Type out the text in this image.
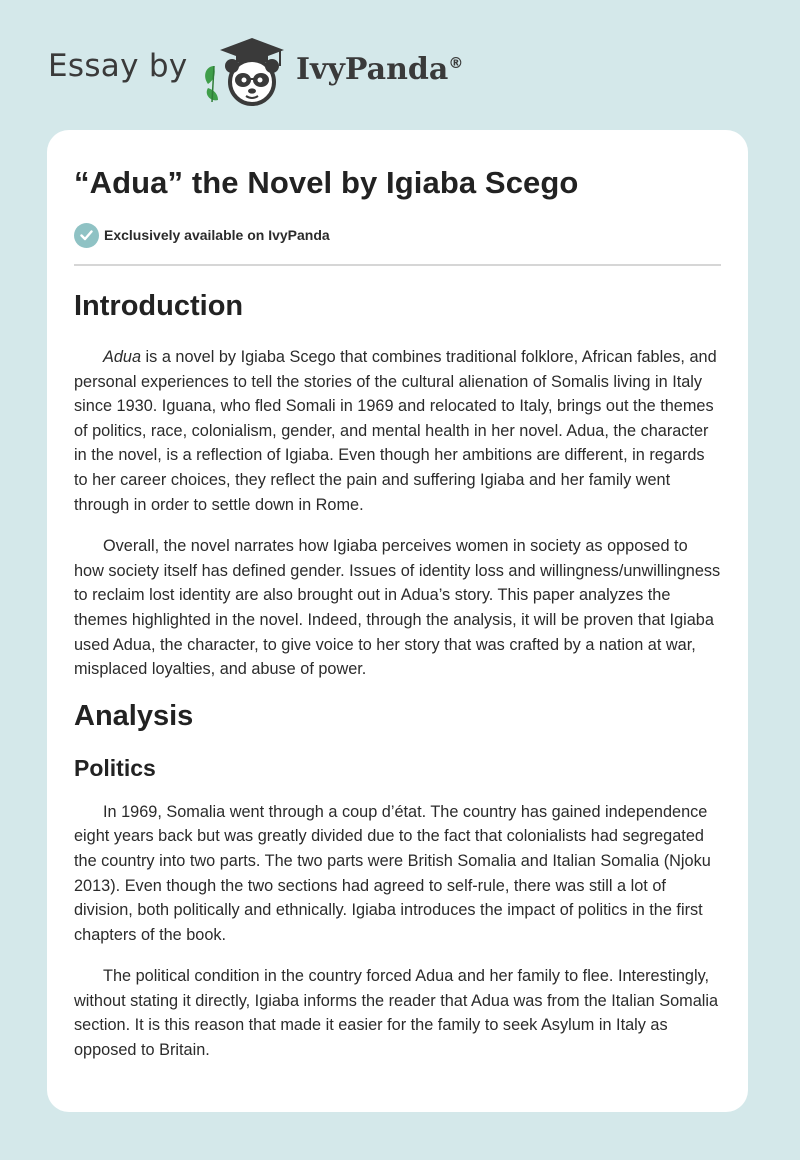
Essay by	IvyPanda®
“Adua” the Novel by Igiaba Scego
Exclusively available on IvyPanda
Introduction

Adua is a novel by Igiaba Scego that combines traditional folklore, African fables, and personal experiences to tell the stories of the cultural alienation of Somalis living in Italy since 1930. Iguana, who fled Somali in 1969 and relocated to Italy, brings out the themes of politics, race, colonialism, gender, and mental health in her novel. Adua, the character in the novel, is a reflection of Igiaba. Even though her ambitions are different, in regards to her career choices, they reflect the pain and suffering Igiaba and her family went through in order to settle down in Rome.

Overall, the novel narrates how Igiaba perceives women in society as opposed to how society itself has defined gender. Issues of identity loss and willingness/unwillingness to reclaim lost identity are also brought out in Adua’s story. This paper analyzes the themes highlighted in the novel. Indeed, through the analysis, it will be proven that Igiaba used Adua, the character, to give voice to her story that was crafted by a nation at war, misplaced loyalties, and abuse of power.

Analysis
Politics

In 1969, Somalia went through a coup d’état. The country has gained independence eight years back but was greatly divided due to the fact that colonialists had segregated the country into two parts. The two parts were British Somalia and Italian Somalia (Njoku 2013). Even though the two sections had agreed to self-rule, there was still a lot of division, both politically and ethnically. Igiaba introduces the impact of politics in the first chapters of the book.

The political condition in the country forced Adua and her family to flee. Interestingly, without stating it directly, Igiaba informs the reader that Adua was from the Italian Somalia section. It is this reason that made it easier for the family to seek Asylum in Italy as opposed to Britain.
